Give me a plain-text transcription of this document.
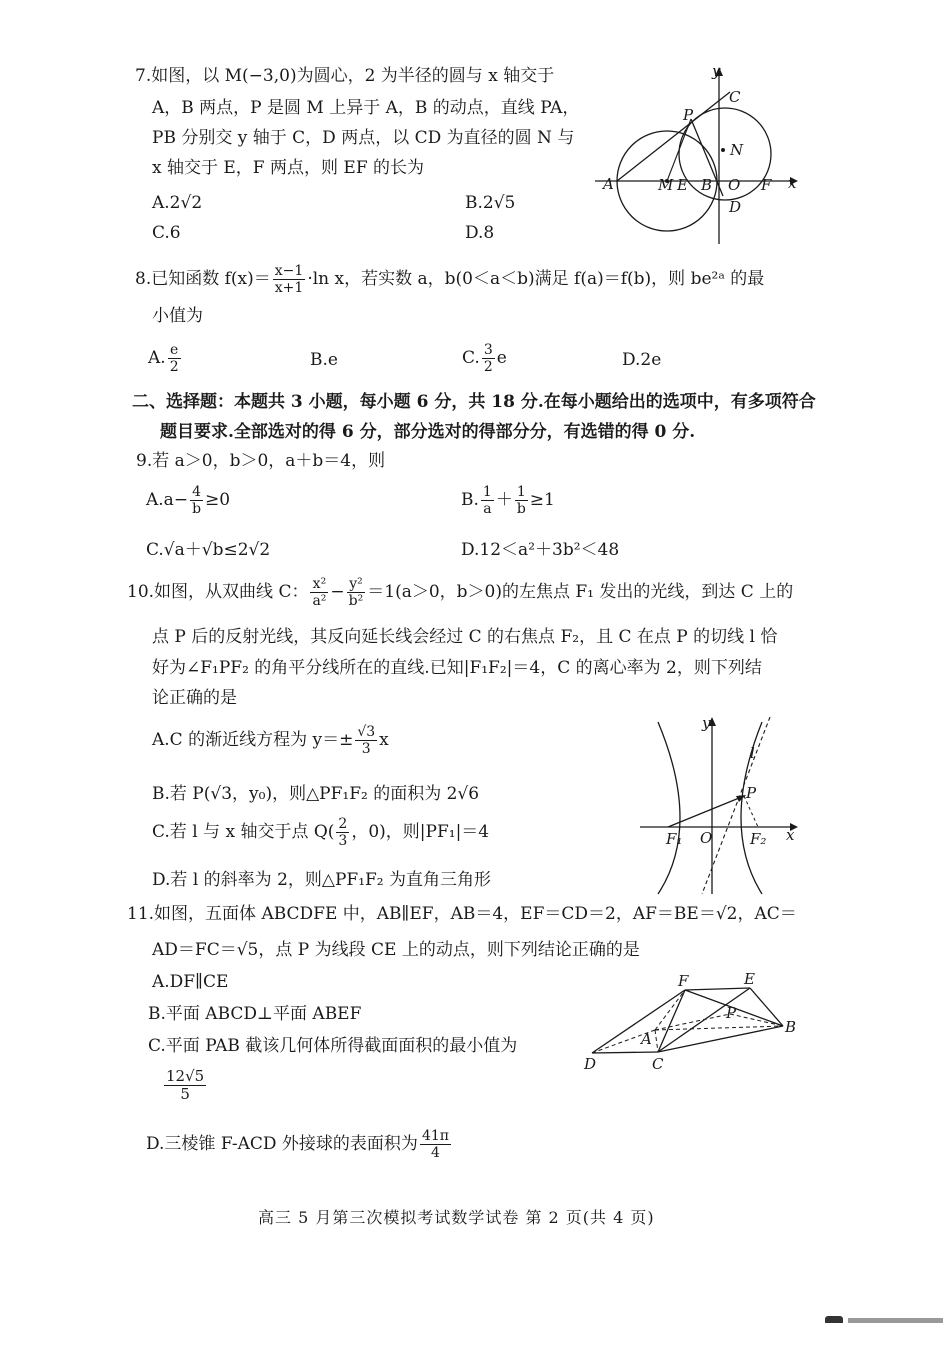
7.如图，以 M(−3,0)为圆心，2 为半径的圆与 x 轴交于
A，B 两点，P 是圆 M 上异于 A，B 的动点，直线 PA，
PB 分别交 y 轴于 C，D 两点，以 CD 为直径的圆 N 与
x 轴交于 E，F 两点，则 EF 的长为
A.2√2	B.2√5
C.6	D.8
y
x
P
C
N
A	M E B O F
D
8.已知函数 $f(x)= \frac{x-1}{x+1} \cdot\ln$ x，若实数 a，b(0＜a＜b)满足 f(a)＝f(b)，则 be²ᵃ 的最
小值为
A. $\frac{e}{2}$	B.e	C. $\frac{3}{2}$ e	D.2e
二、选择题：本题共 3 小题，每小题 6 分，共 18 分.在每小题给出的选项中，有多项符合
题目要求.全部选对的得 6 分，部分选对的得部分分，有选错的得 0 分.
9.若 a＞0，b＞0，a＋b＝4，则
$A.a- \frac{4}{b} \ge 0$	B. $\frac{1}{a} + \frac{1}{b} \ge 1$
C.√a＋√b≤2√2	D.12＜a²＋3b²＜48
10.如图，从双曲线 C： $\frac{\text{x²}}{\text{a²}} - \frac{\text{y²}}{\text{b²}} =1(a>0$，b＞0)的左焦点 F₁ 发出的光线，到达 C 上的
点 P 后的反射光线，其反向延长线会经过 C 的右焦点 F₂，且 C 在点 P 的切线 l 恰
好为∠F₁PF₂ 的角平分线所在的直线.已知|F₁F₂|＝4，C 的离心率为 2，则下列结
论正确的是
A.C 的渐近线方程为 $y=\pm \frac{√3}{3}$ x
B.若 P(√3，y₀)，则△PF₁F₂ 的面积为 2√6
C.若 l 与 x 轴交于点 $Q( \frac{2}{3}$ ，0)，则|PF₁|＝4
D.若 l 的斜率为 2，则△PF₁F₂ 为直角三角形
y
l
P
F₁ O	F₂ x
11.如图，五面体 ABCDFE 中，AB∥EF，AB＝4，EF＝CD＝2，AF＝BE＝√2，AC＝
AD＝FC＝√5，点 P 为线段 CE 上的动点，则下列结论正确的是
A.DF∥CE
B.平面 ABCD⊥平面 ABEF
C.平面 PAB 截该几何体所得截面面积的最小值为
$\frac{12√5}{5}$
D.三棱锥 F-ACD 外接球的表面积为 $\frac{41\pi}{4}$
F	E
P
A
B
D	C
高三 5 月第三次模拟考试数学试卷 第 2 页(共 4 页)
